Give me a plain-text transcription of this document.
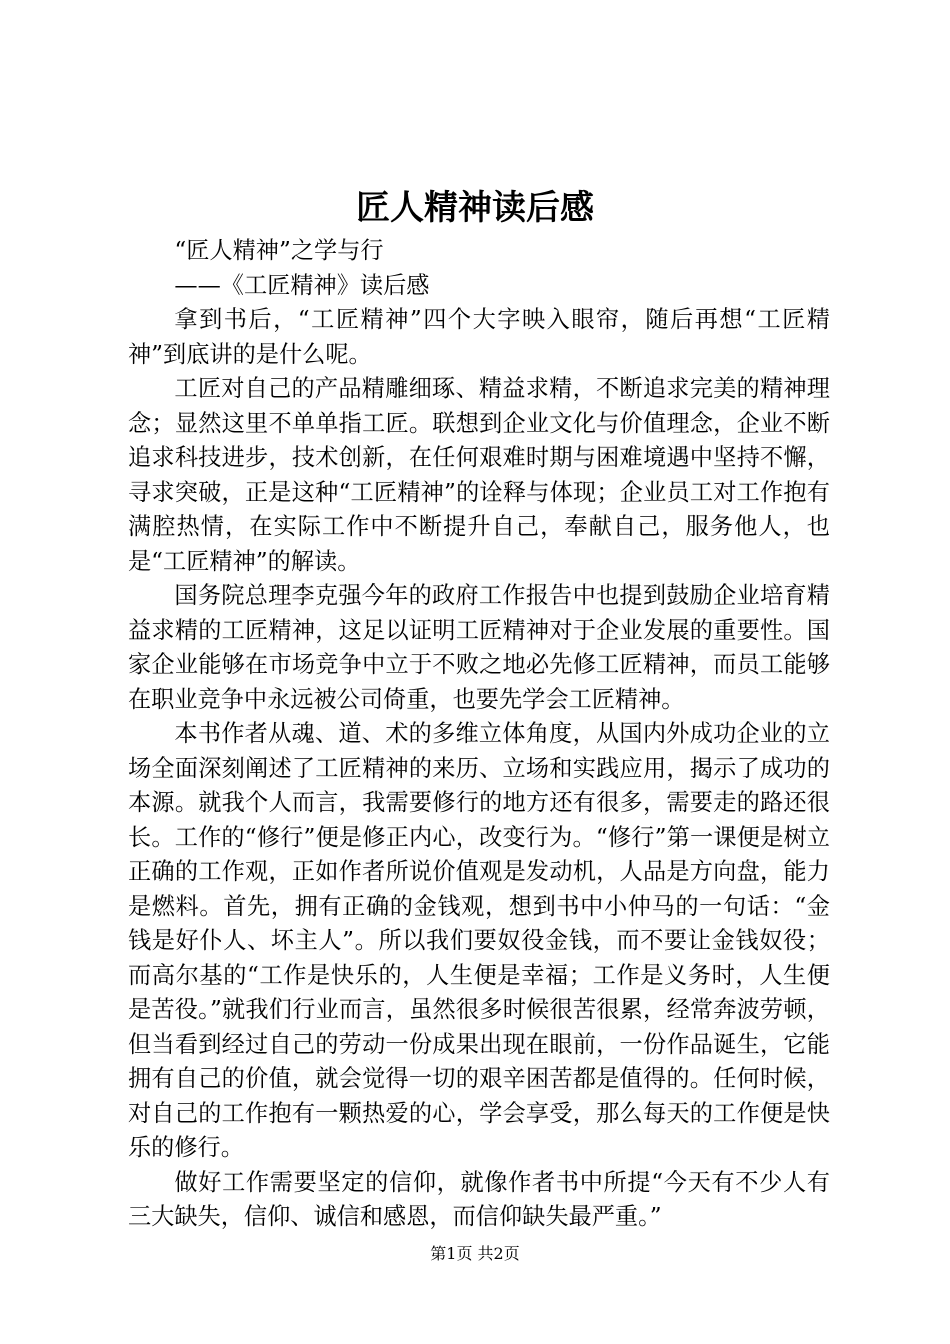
匠人精神读后感

“匠人精神”之学与行

——《工匠精神》读后感

拿到书后，“工匠精神”四个大字映入眼帘，随后再想“工匠精神”到底讲的是什么呢。

工匠对自己的产品精雕细琢、精益求精，不断追求完美的精神理念；显然这里不单单指工匠。联想到企业文化与价值理念，企业不断追求科技进步，技术创新，在任何艰难时期与困难境遇中坚持不懈，寻求突破，正是这种“工匠精神”的诠释与体现；企业员工对工作抱有满腔热情，在实际工作中不断提升自己，奉献自己，服务他人，也是“工匠精神”的解读。

国务院总理李克强今年的政府工作报告中也提到鼓励企业培育精益求精的工匠精神，这足以证明工匠精神对于企业发展的重要性。国家企业能够在市场竞争中立于不败之地必先修工匠精神，而员工能够在职业竞争中永远被公司倚重，也要先学会工匠精神。

本书作者从魂、道、术的多维立体角度，从国内外成功企业的立场全面深刻阐述了工匠精神的来历、立场和实践应用，揭示了成功的本源。就我个人而言，我需要修行的地方还有很多，需要走的路还很长。工作的“修行”便是修正内心，改变行为。“修行”第一课便是树立正确的工作观，正如作者所说价值观是发动机，人品是方向盘，能力是燃料。首先，拥有正确的金钱观，想到书中小仲马的一句话：“金钱是好仆人、坏主人”。所以我们要奴役金钱，而不要让金钱奴役；而高尔基的“工作是快乐的，人生便是幸福；工作是义务时，人生便是苦役。”就我们行业而言，虽然很多时候很苦很累，经常奔波劳顿，但当看到经过自己的劳动一份成果出现在眼前，一份作品诞生，它能拥有自己的价值，就会觉得一切的艰辛困苦都是值得的。任何时候，对自己的工作抱有一颗热爱的心，学会享受，那么每天的工作便是快乐的修行。

做好工作需要坚定的信仰，就像作者书中所提“今天有不少人有三大缺失，信仰、诚信和感恩，而信仰缺失最严重。”

第1页 共2页
